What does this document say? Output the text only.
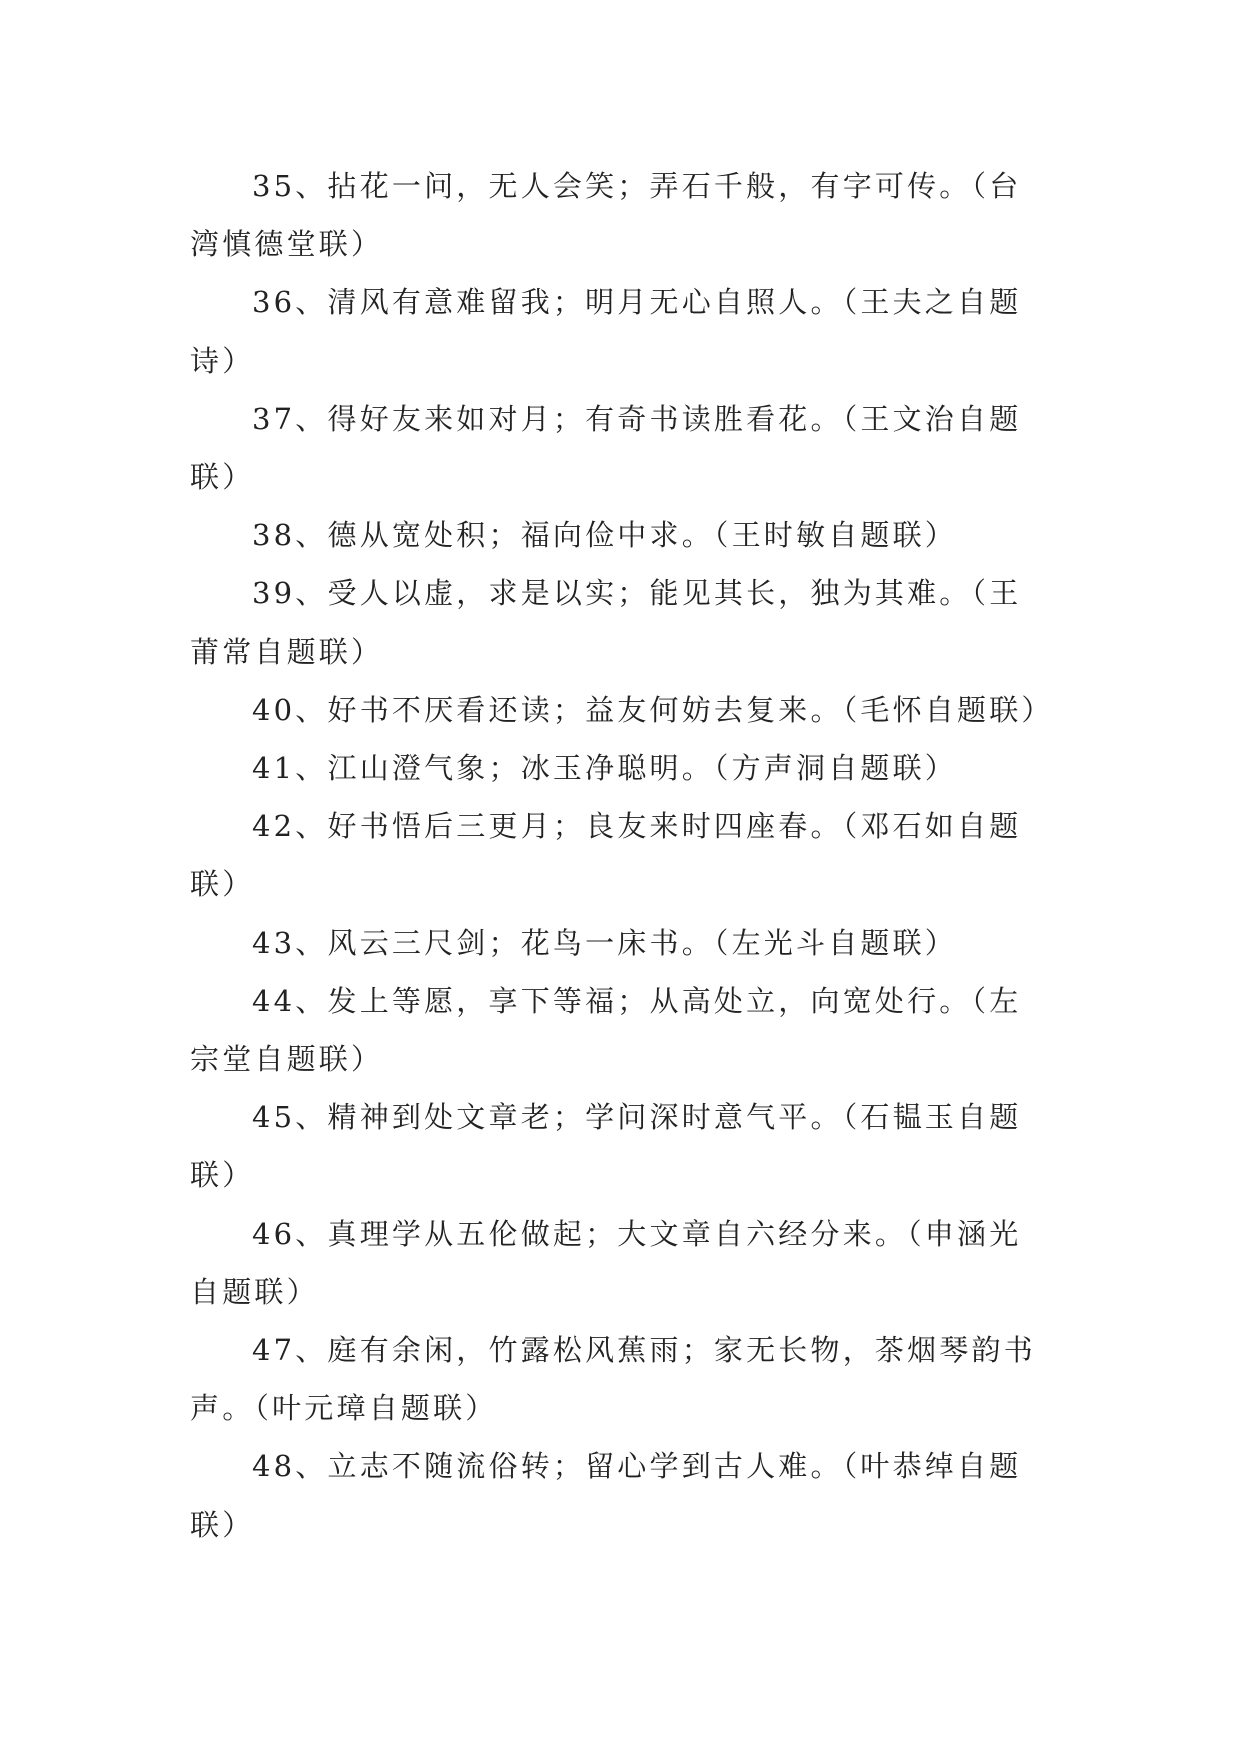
35、拈花一问，无人会笑；弄石千般，有字可传。（台
湾慎德堂联）

36、清风有意难留我；明月无心自照人。（王夫之自题
诗）

37、得好友来如对月；有奇书读胜看花。（王文治自题
联）

38、德从宽处积；福向俭中求。（王时敏自题联）

39、受人以虚，求是以实；能见其长，独为其难。（王
莆常自题联）

40、好书不厌看还读；益友何妨去复来。（毛怀自题联）

41、江山澄气象；冰玉净聪明。（方声洞自题联）

42、好书悟后三更月；良友来时四座春。（邓石如自题
联）

43、风云三尺剑；花鸟一床书。（左光斗自题联）

44、发上等愿，享下等福；从高处立，向宽处行。（左
宗堂自题联）

45、精神到处文章老；学问深时意气平。（石韫玉自题
联）

46、真理学从五伦做起；大文章自六经分来。（申涵光
自题联）

47、庭有余闲，竹露松风蕉雨；家无长物，茶烟琴韵书
声。（叶元璋自题联）

48、立志不随流俗转；留心学到古人难。（叶恭绰自题
联）
